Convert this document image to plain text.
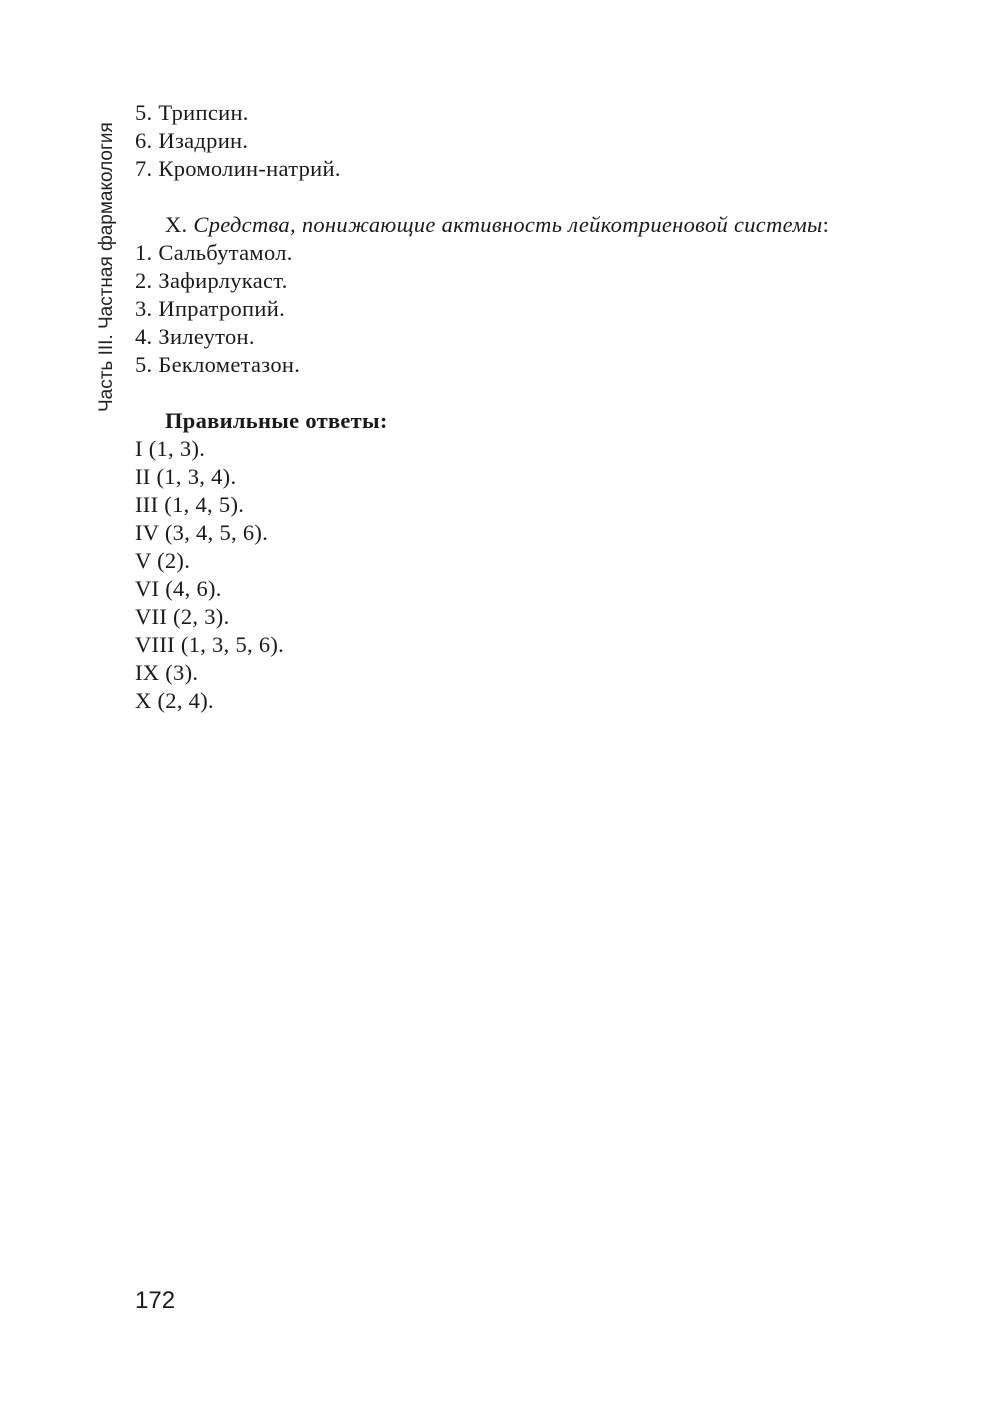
Часть III. Частная фармакология
5. Трипсин.
6. Изадрин.
7. Кромолин-натрий.
X. Средства, понижающие активность лейкотриеновой системы:
1. Сальбутамол.
2. Зафирлукаст.
3. Ипратропий.
4. Зилеутон.
5. Беклометазон.
Правильные ответы:
I (1, 3).
II (1, 3, 4).
III (1, 4, 5).
IV (3, 4, 5, 6).
V (2).
VI (4, 6).
VII (2, 3).
VIII (1, 3, 5, 6).
IX (3).
X (2, 4).
172
